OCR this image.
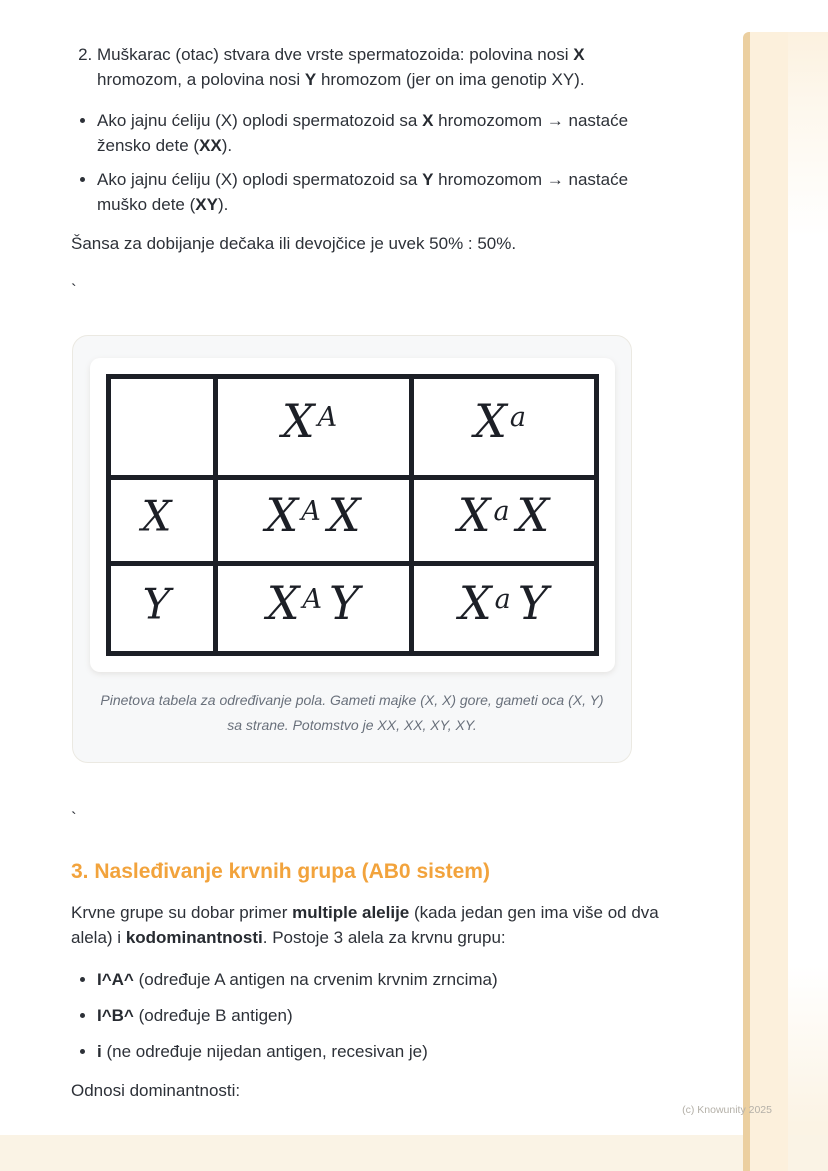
2. Muškarac (otac) stvara dve vrste spermatozoida: polovina nosi X hromozom, a polovina nosi Y hromozom (jer on ima genotip XY).
• Ako jajnu ćeliju (X) oplodi spermatozoid sa X hromozomom → nastaće žensko dete (XX).
• Ako jajnu ćeliju (X) oplodi spermatozoid sa Y hromozomom → nastaće muško dete (XY).

Šansa za dobijanje dečaka ili devojčice je uvek 50% : 50%.

`

	X $^A$	X $^a$
X	X $^A$ X	X $^a$ X
Y	X $^A$ Y	X $^a$ Y
Pinetova tabela za određivanje pola. Gameti majke (X, X) gore, gameti oca (X, Y) sa strane. Potomstvo je XX, XX, XY, XY.

`

3. Nasleđivanje krvnih grupa (AB0 sistem)

Krvne grupe su dobar primer multiple alelije (kada jedan gen ima više od dva alela) i kodominantnosti. Postoje 3 alela za krvnu grupu:

• I^A^ (određuje A antigen na crvenim krvnim zrncima)
• I^B^ (određuje B antigen)
• i (ne određuje nijedan antigen, recesivan je)

Odnosi dominantnosti:

(c) Knowunity 2025
